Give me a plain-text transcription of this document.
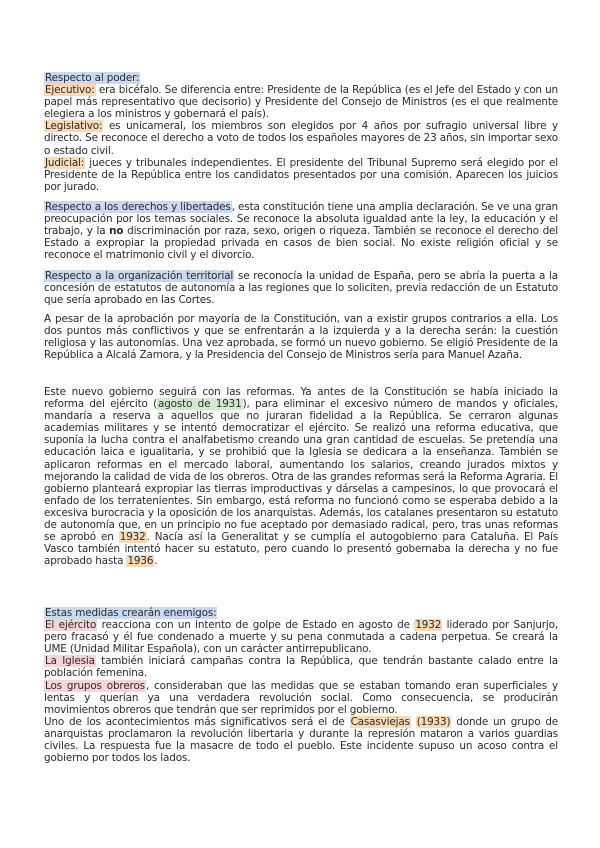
Respecto al poder:
Ejecutivo: era bicéfalo. Se diferencia entre: Presidente de la República (es el Jefe del Estado y con un papel más representativo que decisorio) y Presidente del Consejo de Ministros (es el que realmente elegiera a los ministros y gobernará el país).
Legislativo: es unicameral, los miembros son elegidos por 4 años por sufragio universal libre y directo. Se reconoce el derecho a voto de todos los españoles mayores de 23 años, sin importar sexo o estado civil.
Judicial: jueces y tribunales independientes. El presidente del Tribunal Supremo será elegido por el Presidente de la República entre los candidatos presentados por una comisión. Aparecen los juicios por jurado.

Respecto a los derechos y libertades, esta constitución tiene una amplia declaración. Se ve una gran preocupación por los temas sociales. Se reconoce la absoluta igualdad ante la ley, la educación y el trabajo, y la no discriminación por raza, sexo, origen o riqueza. También se reconoce el derecho del Estado a expropiar la propiedad privada en casos de bien social. No existe religión oficial y se reconoce el matrimonio civil y el divorcio.

Respecto a la organización territorial se reconocía la unidad de España, pero se abría la puerta a la concesión de estatutos de autonomía a las regiones que lo soliciten, previa redacción de un Estatuto que sería aprobado en las Cortes.

A pesar de la aprobación por mayoría de la Constitución, van a existir grupos contrarios a ella. Los dos puntos más conflictivos y que se enfrentarán a la izquierda y a la derecha serán: la cuestión religiosa y las autonomías. Una vez aprobada, se formó un nuevo gobierno. Se eligió Presidente de la República a Alcalá Zamora, y la Presidencia del Consejo de Ministros sería para Manuel Azaña.

Este nuevo gobierno seguirá con las reformas. Ya antes de la Constitución se había iniciado la reforma del ejército (agosto de 1931), para eliminar el excesivo número de mandos y oficiales, mandaría a reserva a aquellos que no juraran fidelidad a la República. Se cerraron algunas academias militares y se intentó democratizar el ejército. Se realizó una reforma educativa, que suponía la lucha contra el analfabetismo creando una gran cantidad de escuelas. Se pretendía una educación laica e igualitaria, y se prohibió que la Iglesia se dedicara a la enseñanza. También se aplicaron reformas en el mercado laboral, aumentando los salarios, creando jurados mixtos y mejorando la calidad de vida de los obreros. Otra de las grandes reformas será la Reforma Agraria. El gobierno planteará expropiar las tierras improductivas y dárselas a campesinos, lo que provocará el enfado de los terratenientes. Sin embargo, está reforma no funcionó como se esperaba debido a la excesiva burocracia y la oposición de los anarquistas. Además, los catalanes presentaron su estatuto de autonomía que, en un principio no fue aceptado por demasiado radical, pero, tras unas reformas se aprobó en 1932. Nacía así la Generalitat y se cumplía el autogobierno para Cataluña. El País Vasco también intentó hacer su estatuto, pero cuando lo presentó gobernaba la derecha y no fue aprobado hasta 1936.

Estas medidas crearán enemigos:
El ejército reacciona con un intento de golpe de Estado en agosto de 1932 liderado por Sanjurjo, pero fracasó y él fue condenado a muerte y su pena conmutada a cadena perpetua. Se creará la UME (Unidad Militar Española), con un carácter antirrepublicano.
La Iglesia también iniciará campañas contra la República, que tendrán bastante calado entre la población femenina.
Los grupos obreros, consideraban que las medidas que se estaban tomando eran superficiales y lentas y querían ya una verdadera revolución social. Como consecuencia, se producirán movimientos obreros que tendrán que ser reprimidos por el gobierno.
Uno de los acontecimientos más significativos será el de Casasviejas (1933) donde un grupo de anarquistas proclamaron la revolución libertaria y durante la represión mataron a varios guardias civiles. La respuesta fue la masacre de todo el pueblo. Este incidente supuso un acoso contra el gobierno por todos los lados.
